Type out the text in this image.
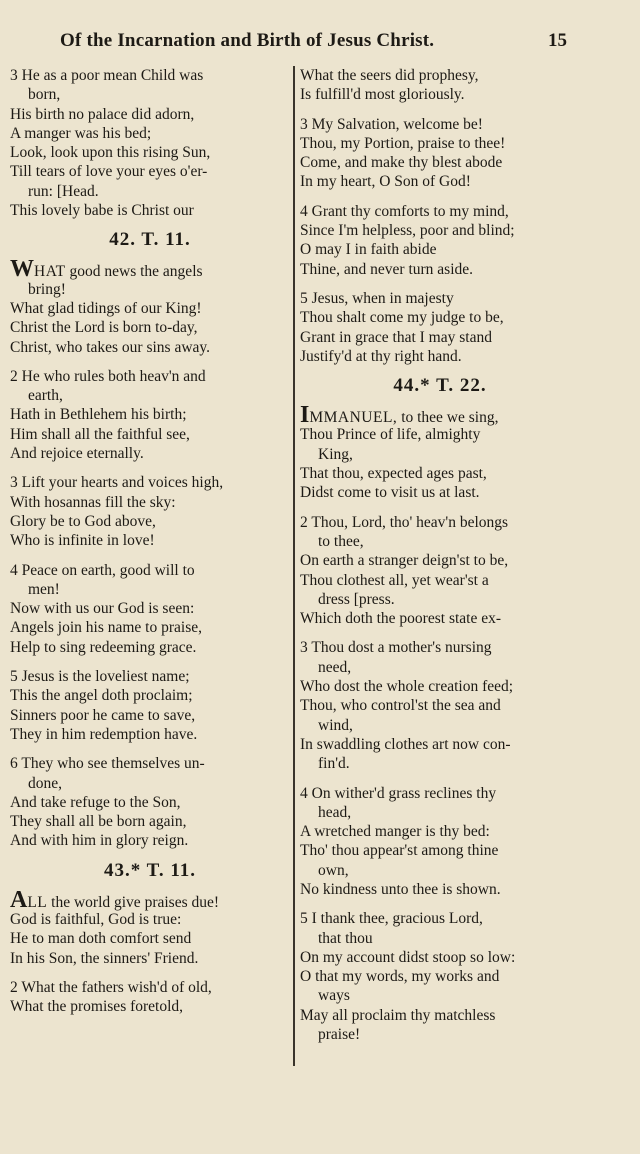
Of the Incarnation and Birth of Jesus Christ.	15
3 He as a poor mean Child was
born,
His birth no palace did adorn,
A manger was his bed;
Look, look upon this rising Sun,
Till tears of love your eyes o'er-
run: [Head.
This lovely babe is Christ our
42. T. 11.
WHAT good news the angels
bring!
What glad tidings of our King!
Christ the Lord is born to-day,
Christ, who takes our sins away.
2 He who rules both heav'n and
earth,
Hath in Bethlehem his birth;
Him shall all the faithful see,
And rejoice eternally.
3 Lift your hearts and voices high,
With hosannas fill the sky:
Glory be to God above,
Who is infinite in love!
4 Peace on earth, good will to
men!
Now with us our God is seen:
Angels join his name to praise,
Help to sing redeeming grace.
5 Jesus is the loveliest name;
This the angel doth proclaim;
Sinners poor he came to save,
They in him redemption have.
6 They who see themselves un-
done,
And take refuge to the Son,
They shall all be born again,
And with him in glory reign.
43.* T. 11.
ALL the world give praises due!
God is faithful, God is true:
He to man doth comfort send
In his Son, the sinners' Friend.
2 What the fathers wish'd of old,
What the promises foretold,
What the seers did prophesy,
Is fulfill'd most gloriously.
3 My Salvation, welcome be!
Thou, my Portion, praise to thee!
Come, and make thy blest abode
In my heart, O Son of God!
4 Grant thy comforts to my mind,
Since I'm helpless, poor and blind;
O may I in faith abide
Thine, and never turn aside.
5 Jesus, when in majesty
Thou shalt come my judge to be,
Grant in grace that I may stand
Justify'd at thy right hand.
44.* T. 22.
IMMANUEL, to thee we sing,
Thou Prince of life, almighty
King,
That thou, expected ages past,
Didst come to visit us at last.
2 Thou, Lord, tho' heav'n belongs
to thee,
On earth a stranger deign'st to be,
Thou clothest all, yet wear'st a
dress [press.
Which doth the poorest state ex-
3 Thou dost a mother's nursing
need,
Who dost the whole creation feed;
Thou, who control'st the sea and
wind,
In swaddling clothes art now con-
fin'd.
4 On wither'd grass reclines thy
head,
A wretched manger is thy bed:
Tho' thou appear'st among thine
own,
No kindness unto thee is shown.
5 I thank thee, gracious Lord,
that thou
On my account didst stoop so low:
O that my words, my works and
ways
May all proclaim thy matchless
praise!
